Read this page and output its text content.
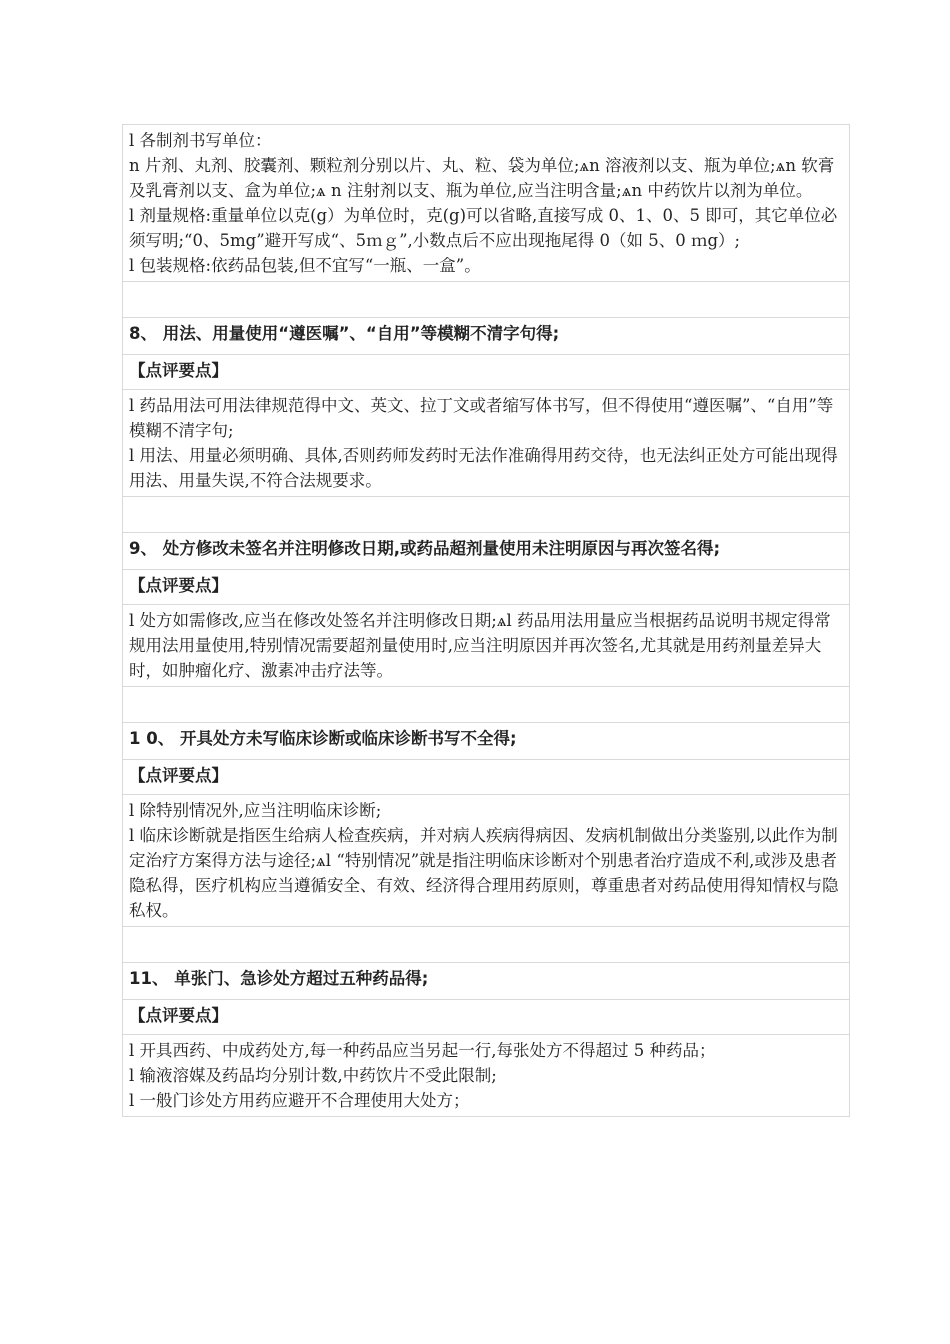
l 各制剂书写单位：
n 片剂、丸剂、胶囊剂、颗粒剂分别以片、丸、粒、袋为单位;ѧn 溶液剂以支、瓶为单位;ѧn 软膏及乳膏剂以支、盒为单位;ѧ n 注射剂以支、瓶为单位,应当注明含量;ѧn 中药饮片以剂为单位。
l 剂量规格:重量单位以克(g）为单位时，克(g)可以省略,直接写成 0、1、0、5 即可，其它单位必须写明;“0、5mg”避开写成“、5ｍｇ”,小数点后不应出现拖尾得 0（如 5、0 ｍg）;
l 包装规格:依药品包装,但不宜写“一瓶、一盒”。

8、 用法、用量使用“遵医嘱”、“自用”等模糊不清字句得;
【点评要点】

l 药品用法可用法律规范得中文、英文、拉丁文或者缩写体书写，但不得使用“遵医嘱”、“自用”等模糊不清字句;
l 用法、用量必须明确、具体,否则药师发药时无法作准确得用药交待，也无法纠正处方可能出现得用法、用量失误,不符合法规要求。

9、 处方修改未签名并注明修改日期,或药品超剂量使用未注明原因与再次签名得;
【点评要点】

l 处方如需修改,应当在修改处签名并注明修改日期;ѧl 药品用法用量应当根据药品说明书规定得常规用法用量使用,特别情况需要超剂量使用时,应当注明原因并再次签名,尤其就是用药剂量差异大时，如肿瘤化疗、激素冲击疗法等。

1 0、 开具处方未写临床诊断或临床诊断书写不全得;
【点评要点】

l 除特别情况外,应当注明临床诊断;
l 临床诊断就是指医生给病人检查疾病，并对病人疾病得病因、发病机制做出分类鉴别,以此作为制定治疗方案得方法与途径;ѧl “特别情况”就是指注明临床诊断对个别患者治疗造成不利,或涉及患者隐私得，医疗机构应当遵循安全、有效、经济得合理用药原则，尊重患者对药品使用得知情权与隐私权。

11、 单张门、急诊处方超过五种药品得;
【点评要点】

l 开具西药、中成药处方,每一种药品应当另起一行,每张处方不得超过 5 种药品；
l 输液溶媒及药品均分别计数,中药饮片不受此限制;
l 一般门诊处方用药应避开不合理使用大处方；
